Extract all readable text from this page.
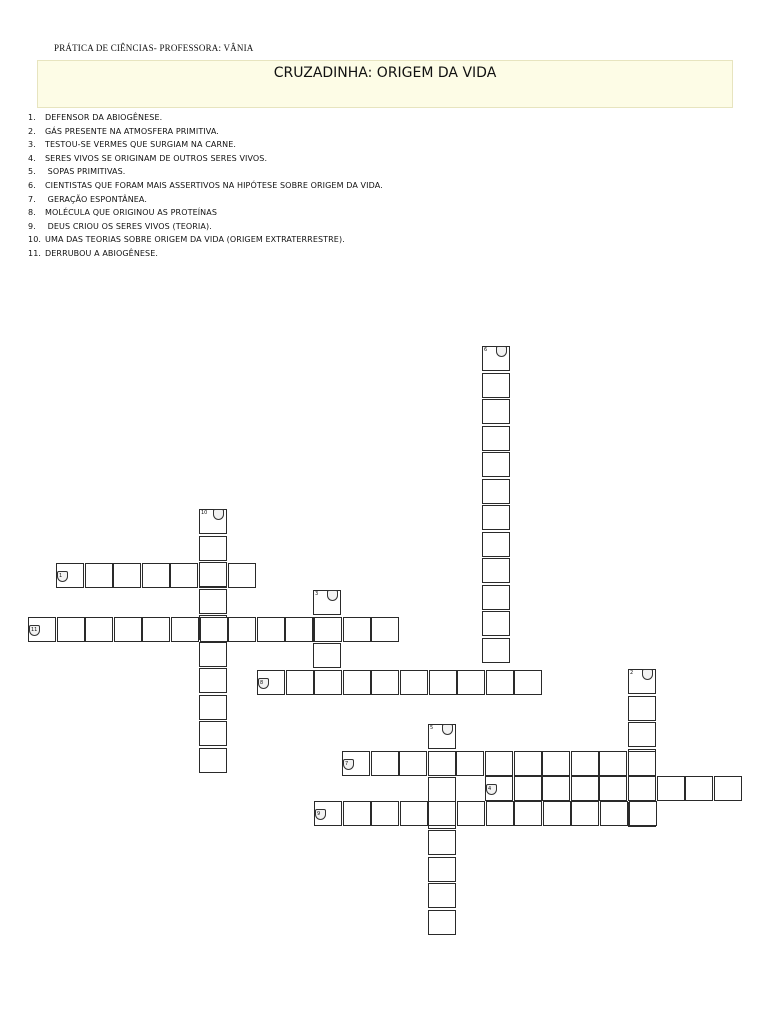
PRÁTICA DE CIÊNCIAS- PROFESSORA: VÂNIA
CRUZADINHA: ORIGEM DA VIDA
1. DEFENSOR DA ABIOGÊNESE.
2. GÁS PRESENTE NA ATMOSFERA PRIMITIVA.
3. TESTOU-SE VERMES QUE SURGIAM NA CARNE.
4. SERES VIVOS SE ORIGINAM DE OUTROS SERES VIVOS.
5. SOPAS PRIMITIVAS.
6. CIENTISTAS QUE FORAM MAIS ASSERTIVOS NA HIPÓTESE SOBRE ORIGEM DA VIDA.
7. GERAÇÃO ESPONTÂNEA.
8. MOLÉCULA QUE ORIGINOU AS PROTEÍNAS
9. DEUS CRIOU OS SERES VIVOS (TEORIA).
10. UMA DAS TEORIAS SOBRE ORIGEM DA VIDA (ORIGEM EXTRATERRESTRE).
11. DERRUBOU A ABIOGÊNESE.
1
2
3
4
5
6
7
8
9
10
11
